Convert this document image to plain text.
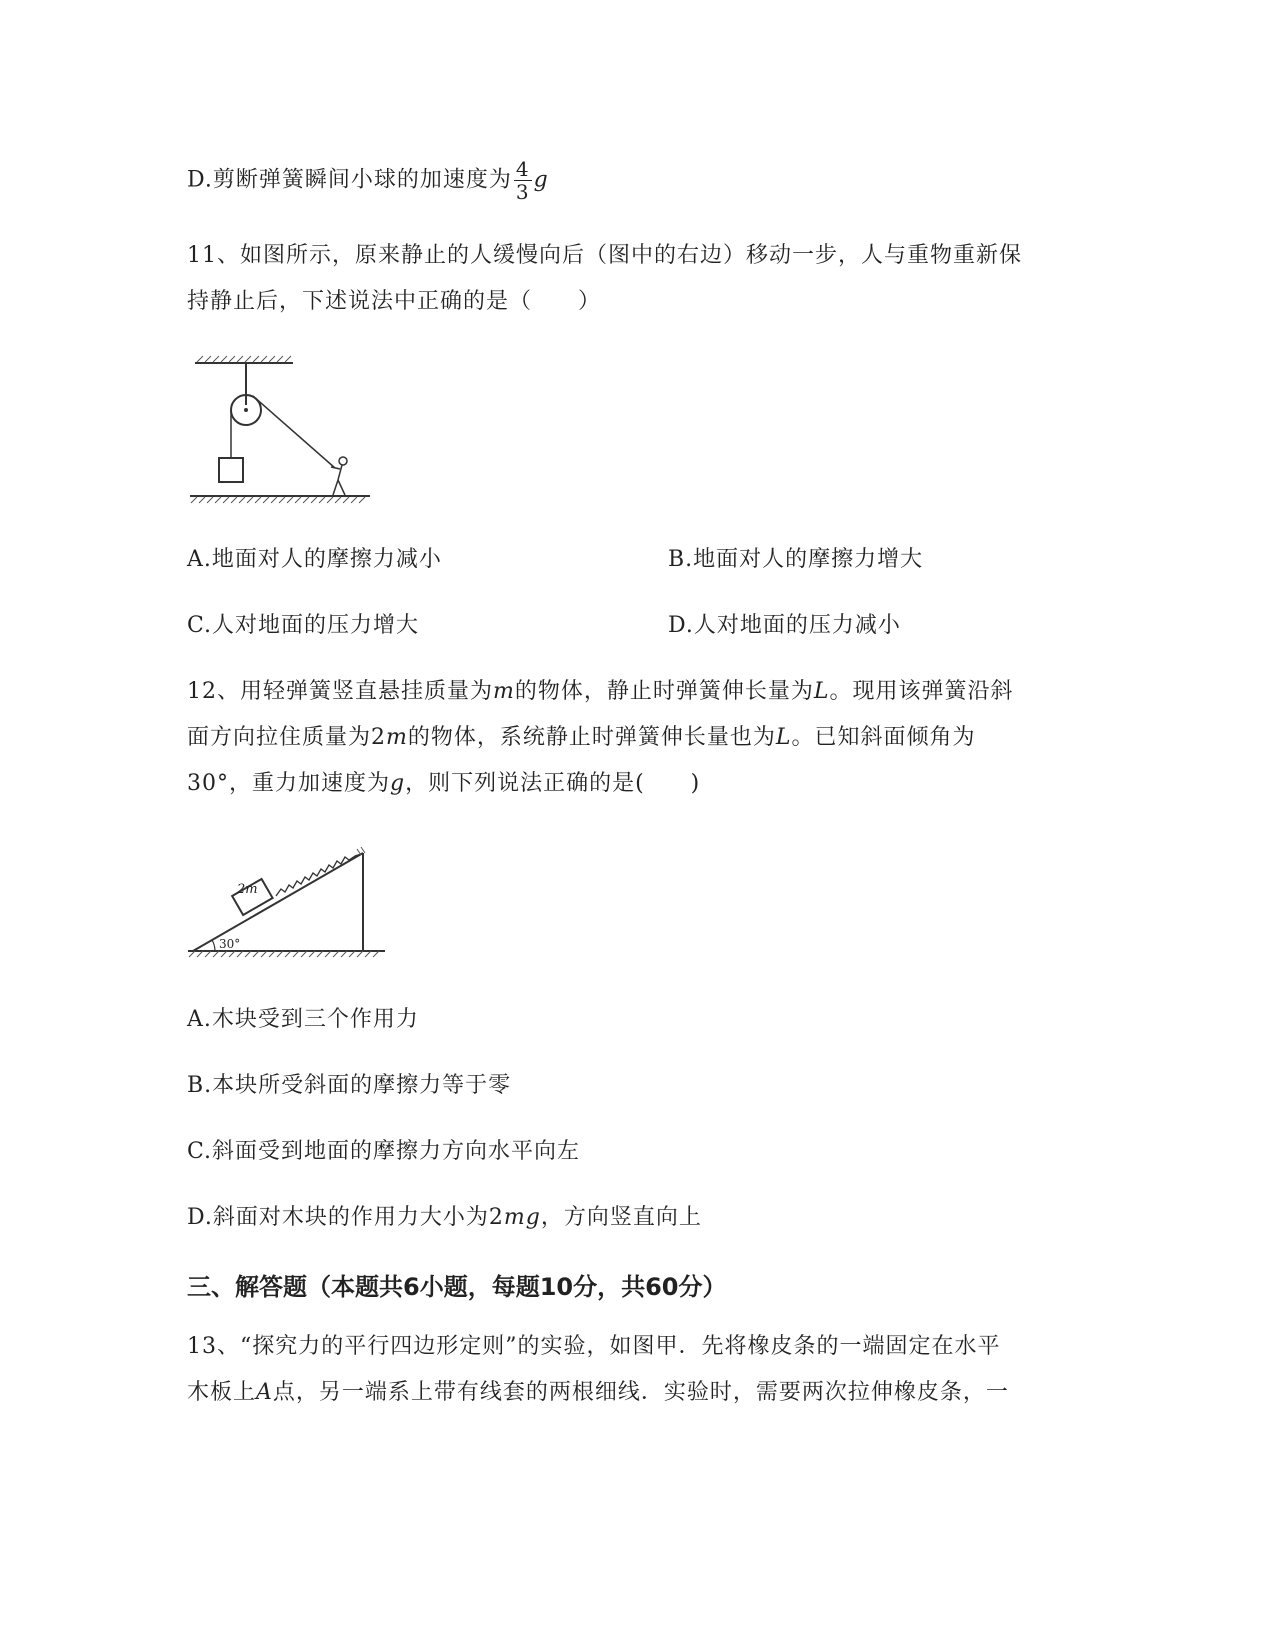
D.剪断弹簧瞬间小球的加速度为 $\frac{4}{3}$ g
11、如图所示，原来静止的人缓慢向后（图中的右边）移动一步，人与重物重新保
持静止后，下述说法中正确的是（　　）
A.地面对人的摩擦力减小	B.地面对人的摩擦力增大
C.人对地面的压力增大	D.人对地面的压力减小
12、用轻弹簧竖直悬挂质量为m的物体，静止时弹簧伸长量为L。现用该弹簧沿斜
面方向拉住质量为2m的物体，系统静止时弹簧伸长量也为L。已知斜面倾角为
30°，重力加速度为g，则下列说法正确的是(　　)
2m
30°
A.木块受到三个作用力
B.本块所受斜面的摩擦力等于零
C.斜面受到地面的摩擦力方向水平向左
D.斜面对木块的作用力大小为2mg，方向竖直向上
三、解答题（本题共6小题，每题10分，共60分）
13、“探究力的平行四边形定则”的实验，如图甲．先将橡皮条的一端固定在水平
木板上A点，另一端系上带有线套的两根细线．实验时，需要两次拉伸橡皮条，一
